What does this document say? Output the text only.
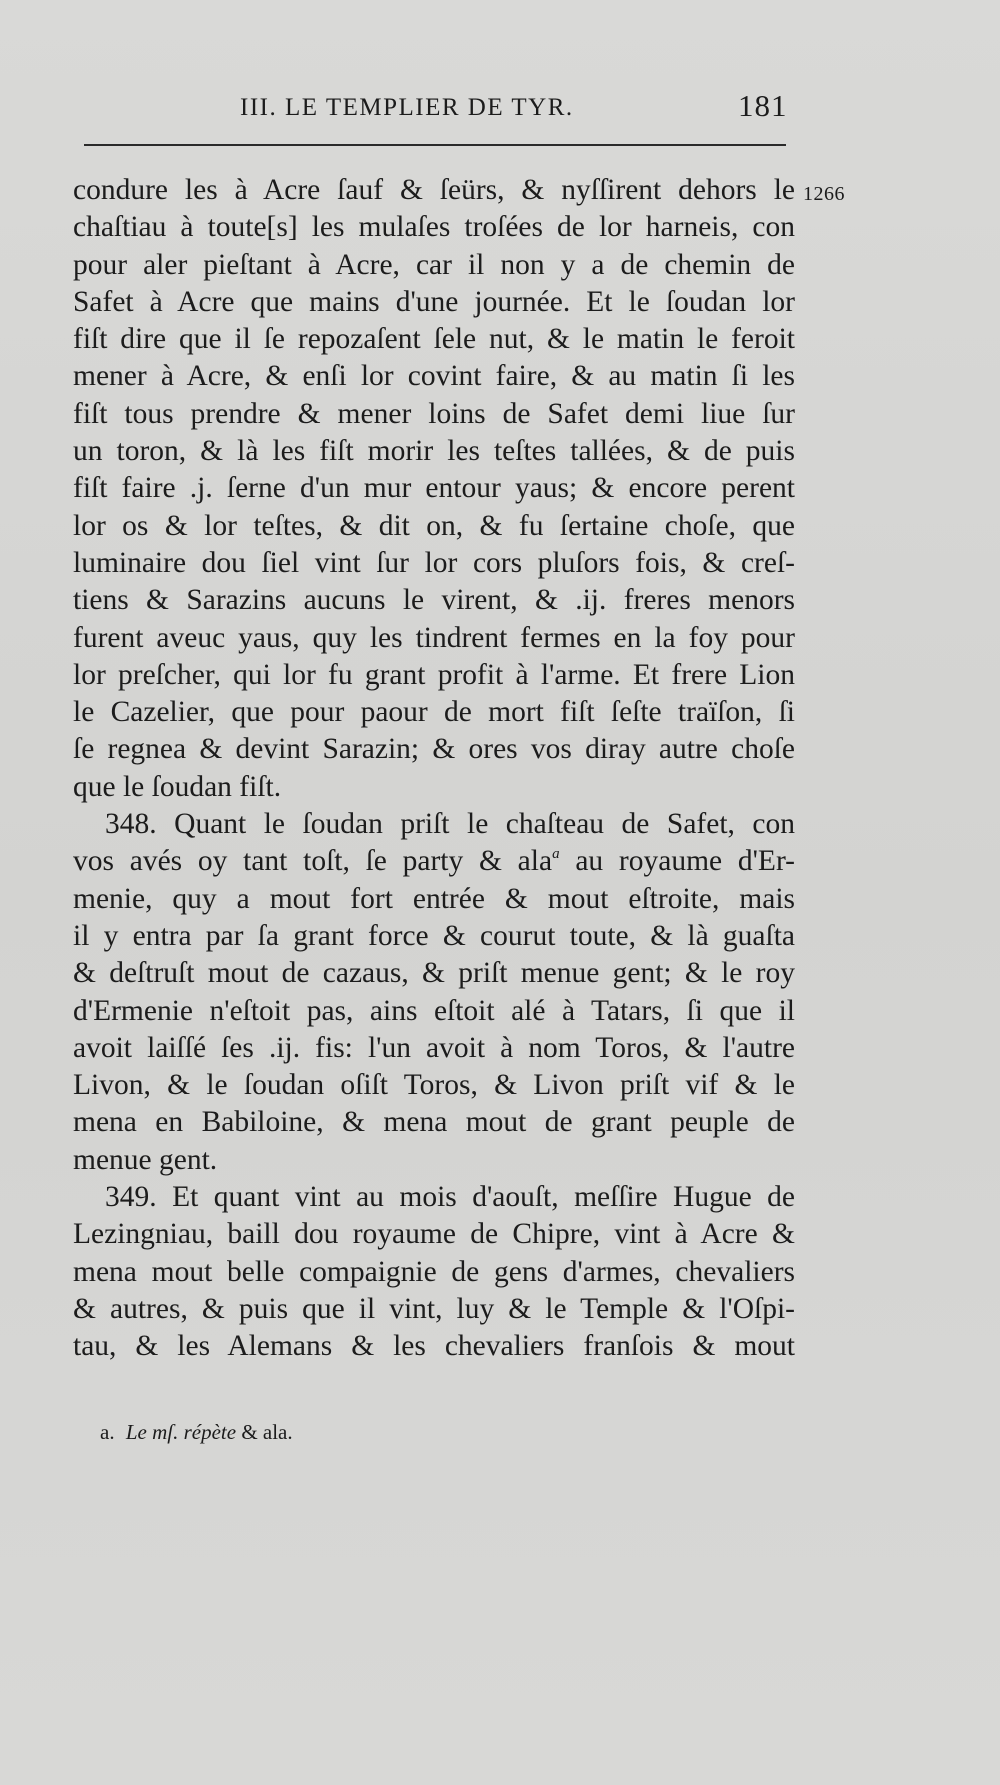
III. LE TEMPLIER DE TYR.	181
1266
condure les à Acre ſauf & ſeürs, & nyſſirent dehors le
chaſtiau à toute[s] les mulaſes troſées de lor harneis, con
pour aler pieſtant à Acre, car il non y a de chemin de
Safet à Acre que mains d'une journée. Et le ſoudan lor
fiſt dire que il ſe repozaſent ſele nut, & le matin le feroit
mener à Acre, & enſi lor covint faire, & au matin ſi les
fiſt tous prendre & mener loins de Safet demi liue ſur
un toron, & là les fiſt morir les teſtes tallées, & de puis
fiſt faire .j. ſerne d'un mur entour yaus; & encore perent
lor os & lor teſtes, & dit on, & fu ſertaine choſe, que
luminaire dou ſiel vint ſur lor cors pluſors fois, & creſ-
tiens & Sarazins aucuns le virent, & .ij. freres menors
furent aveuc yaus, quy les tindrent fermes en la foy pour
lor preſcher, qui lor fu grant profit à l'arme. Et frere Lion
le Cazelier, que pour paour de mort fiſt ſeſte traïſon, ſi
ſe regnea & devint Sarazin; & ores vos diray autre choſe
que le ſoudan fiſt.
348. Quant le ſoudan priſt le chaſteau de Safet, con
vos avés oy tant toſt, ſe party & ala$^a$ au royaume d'Er-
menie, quy a mout fort entrée & mout eſtroite, mais
il y entra par ſa grant force & courut toute, & là guaſta
& deſtruſt mout de cazaus, & priſt menue gent; & le roy
d'Ermenie n'eſtoit pas, ains eſtoit alé à Tatars, ſi que il
avoit laiſſé ſes .ij. fis: l'un avoit à nom Toros, & l'autre
Livon, & le ſoudan oſiſt Toros, & Livon priſt vif & le
mena en Babiloine, & mena mout de grant peuple de
menue gent.
349. Et quant vint au mois d'aouſt, meſſire Hugue de
Lezingniau, baill dou royaume de Chipre, vint à Acre &
mena mout belle compaignie de gens d'armes, chevaliers
& autres, & puis que il vint, luy & le Temple & l'Oſpi-
tau, & les Alemans & les chevaliers franſois & mout
a. Le mſ. répète & ala.
